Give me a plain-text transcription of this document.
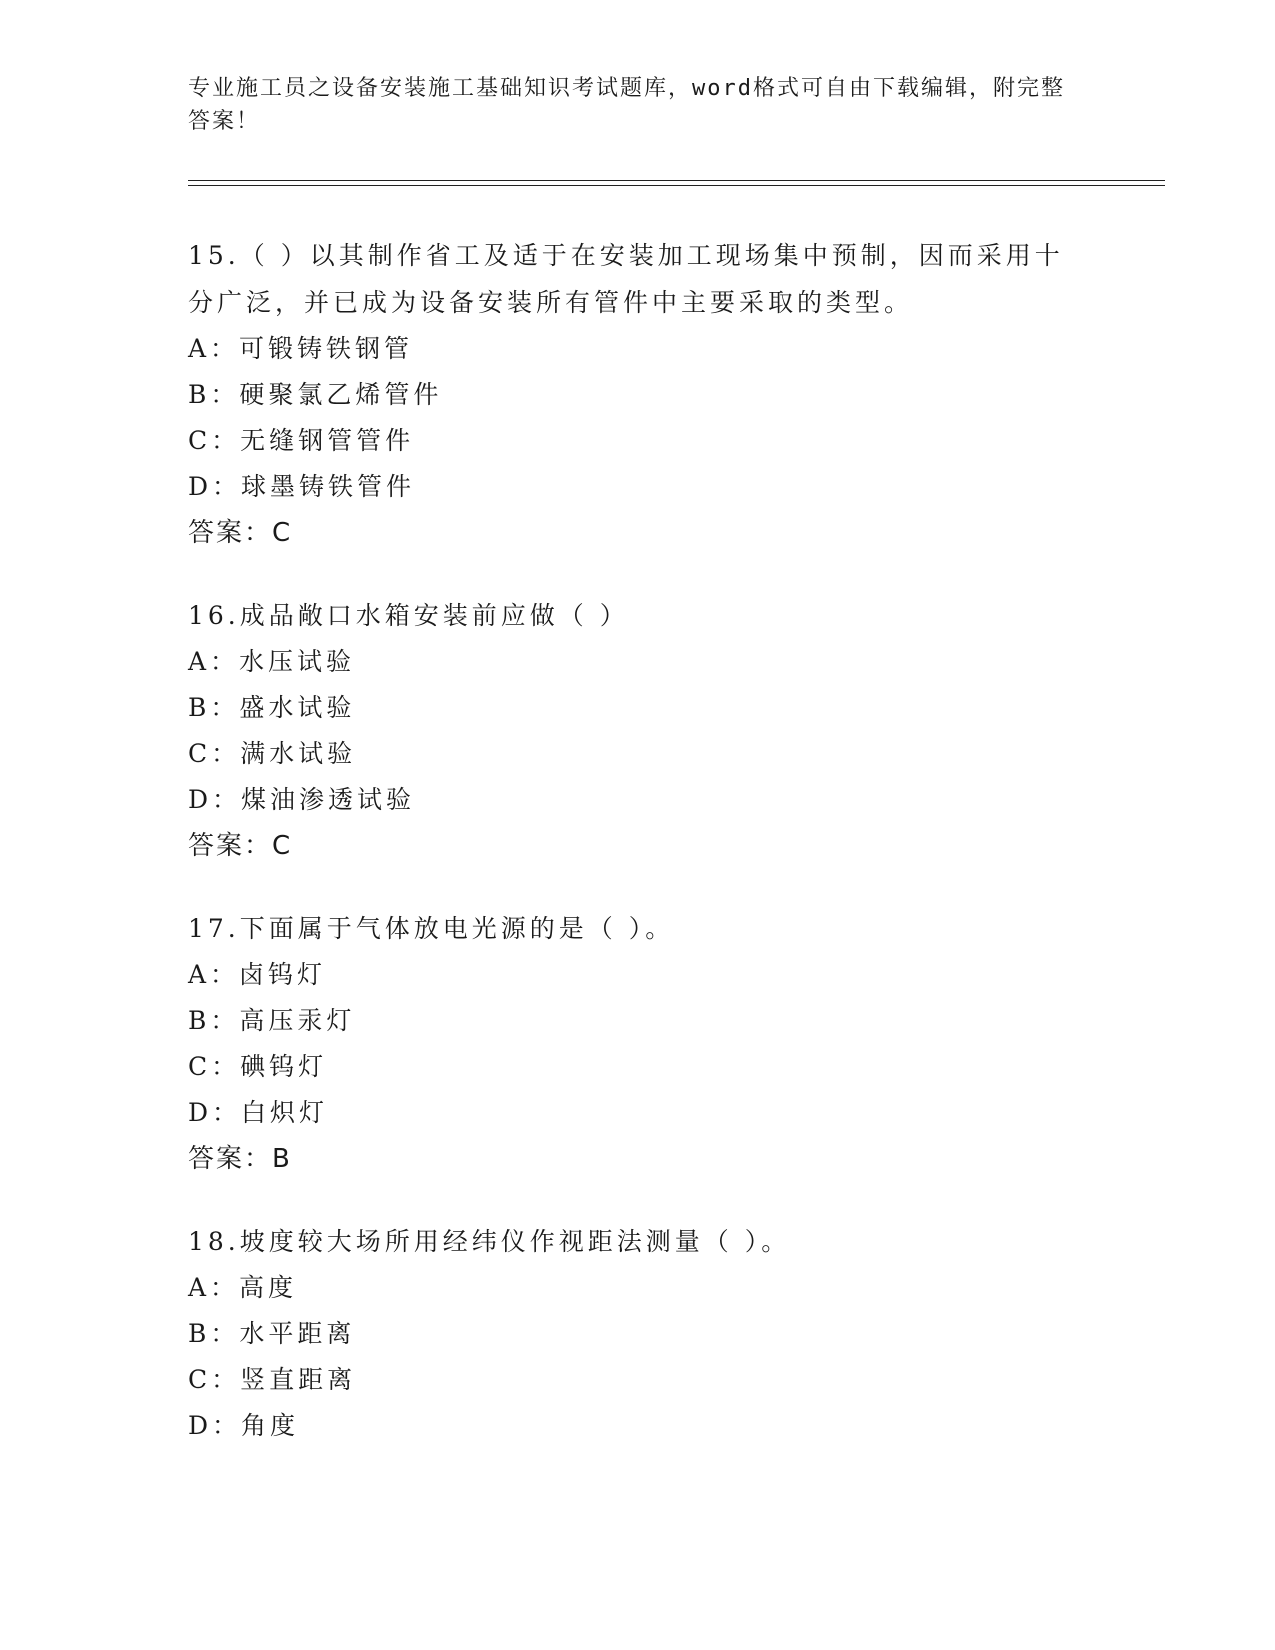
专业施工员之设备安装施工基础知识考试题库，word格式可自由下载编辑，附完整答案！

15.（ ）以其制作省工及适于在安装加工现场集中预制，因而采用十分广泛，并已成为设备安装所有管件中主要采取的类型。

A：可锻铸铁钢管

B：硬聚氯乙烯管件

C：无缝钢管管件

D：球墨铸铁管件

答案：C

16.成品敞口水箱安装前应做（ ）

A：水压试验

B：盛水试验

C：满水试验

D：煤油渗透试验

答案：C

17.下面属于气体放电光源的是（ ）。

A：卤钨灯

B：高压汞灯

C：碘钨灯

D：白炽灯

答案：B

18.坡度较大场所用经纬仪作视距法测量（ ）。

A：高度

B：水平距离

C：竖直距离

D：角度
